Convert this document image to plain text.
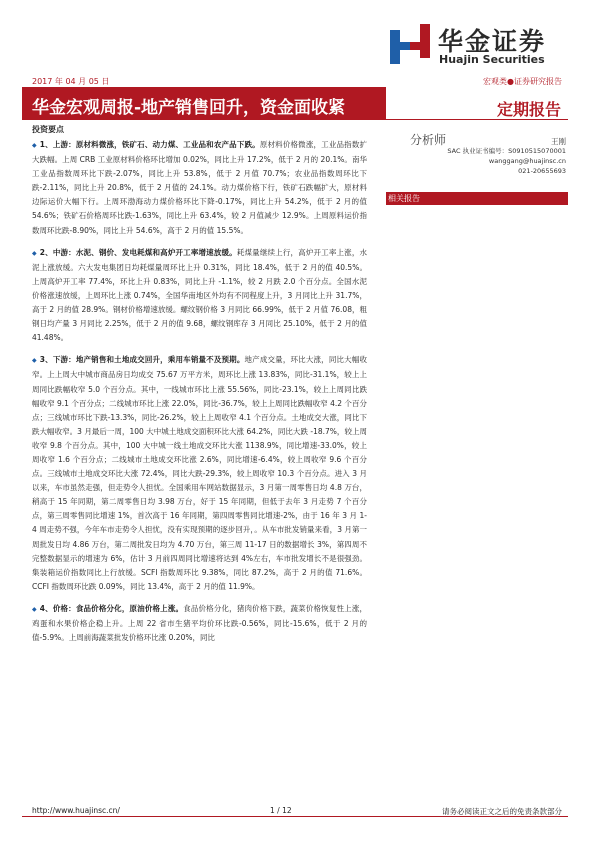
华金证券
Huajin Securities
2017 年 04 月 05 日	宏观类●证券研究报告
华金宏观周报-地产销售回升，资金面收紧	定期报告
投资要点

◆ 1、上游：原材料微涨，铁矿石、动力煤、工业品和农产品下跌。原材料价格微涨，工业品指数扩大跌幅。上周 CRB 工业原材料价格环比增加 0.02%，同比上升 17.2%，低于 2 月的 20.1%。南华工业品指数周环比下跌-2.07%，同比上升 53.8%，低于 2 月值 70.7%；农业品指数周环比下跌-2.11%，同比上升 20.8%，低于 2 月值的 24.1%。动力煤价格下行，铁矿石跌幅扩大，原材料边际运价大幅下行。上周环渤海动力煤价格环比下降-0.17%，同比上升 54.2%，低于 2 月的值 54.6%；铁矿石价格周环比跌-1.63%，同比上升 63.4%，较 2 月值减少 12.9%。上周原料运价指数周环比跌-8.90%，同比上升 54.6%，高于 2 月的值 15.5%。

◆ 2、中游：水泥、钢价、发电耗煤和高炉开工率增速放缓。耗煤量继续上行，高炉开工率上涨，水泥上涨放缓。六大发电集团日均耗煤量周环比上升 0.31%，同比 18.4%，低于 2 月的值 40.5%。上周高炉开工率 77.4%，环比上升 0.83%，同比上升 -1.1%，较 2 月跌 2.0 个百分点。全国水泥价格涨速放缓，上周环比上涨 0.74%，全国华南地区外均有不同程度上升，3 月同比上升 31.7%，高于 2 月的值 28.9%。钢材价格增速放缓。螺纹钢价格 3 月同比 66.99%，低于 2 月值 76.08，粗钢日均产量 3 月同比 2.25%，低于 2 月的值 9.68，螺纹钢库存 3 月同比 25.10%，低于 2 月的值 41.48%。

◆ 3、下游：地产销售和土地成交回升，乘用车销量不及预期。地产成交量，环比大涨，同比大幅收窄。上上周大中城市商品房日均成交 75.67 万平方米，周环比上涨 13.83%，同比-31.1%，较上上周同比跌幅收窄 5.0 个百分点。其中，一线城市环比上涨 55.56%，同比-23.1%，较上上周同比跌幅收窄 9.1 个百分点；二线城市环比上涨 22.0%，同比-36.7%，较上上周同比跌幅收窄 4.2 个百分点；三线城市环比下跌-13.3%，同比-26.2%，较上上周收窄 4.1 个百分点。土地成交大涨，同比下跌大幅收窄。3 月最后一周，100 大中城土地成交面积环比大涨 64.2%，同比大跌 -18.7%，较上周收窄 9.8 个百分点。其中，100 大中城一线土地成交环比大涨 1138.9%，同比增速-33.0%，较上周收窄 1.6 个百分点；二线城市土地成交环比涨 2.6%，同比增速-6.4%，较上周收窄 9.6 个百分点。三线城市土地成交环比大涨 72.4%，同比大跌-29.3%，较上周收窄 10.3 个百分点。进入 3 月以来，车市虽然走强，但走势令人担忧。全国乘用车网站数据显示，3 月第一周零售日均 4.8 万台，稍高于 15 年同期，第二周零售日均 3.98 万台，好于 15 年同期，但低于去年 3 月走势 7 个百分点，第三周零售同比增速 1%，首次高于 16 年同期，第四周零售同比增速-2%，由于 16 年 3 月 1-4 周走势不强，今年车市走势令人担忧，没有实现预期的逐步回升，。从车市批发销量来看，3 月第一周批发日均 4.86 万台，第二周批发日均为 4.70 万台，第三周 11-17 日的数据增长 3%，第四周不完整数据显示的增速为 6%，估计 3 月前四周同比增速将达到 4%左右，车市批发增长不是很强劲。集装箱运价指数同比上行放缓。SCFI 指数周环比 9.38%，同比 87.2%，高于 2 月的值 71.6%。CCFI 指数周环比跌 0.09%，同比 13.4%，高于 2 月的值 11.9%。

◆ 4、价格：食品价格分化，原油价格上涨。食品价格分化，猪肉价格下跌，蔬菜价格恢复性上涨，鸡蛋和水果价格企稳上升。上周 22 省市生猪平均价环比跌-0.56%，同比-15.6%，低于 2 月的值-5.9%。上周前海蔬菜批发价格环比涨 0.20%，同比

分析师	王刚
SAC 执业证书编号：S0910515070001
wanggang@huajinsc.cn
021-20655693
相关报告
http://www.huajinsc.cn/	1 / 12	请务必阅读正文之后的免责条款部分
